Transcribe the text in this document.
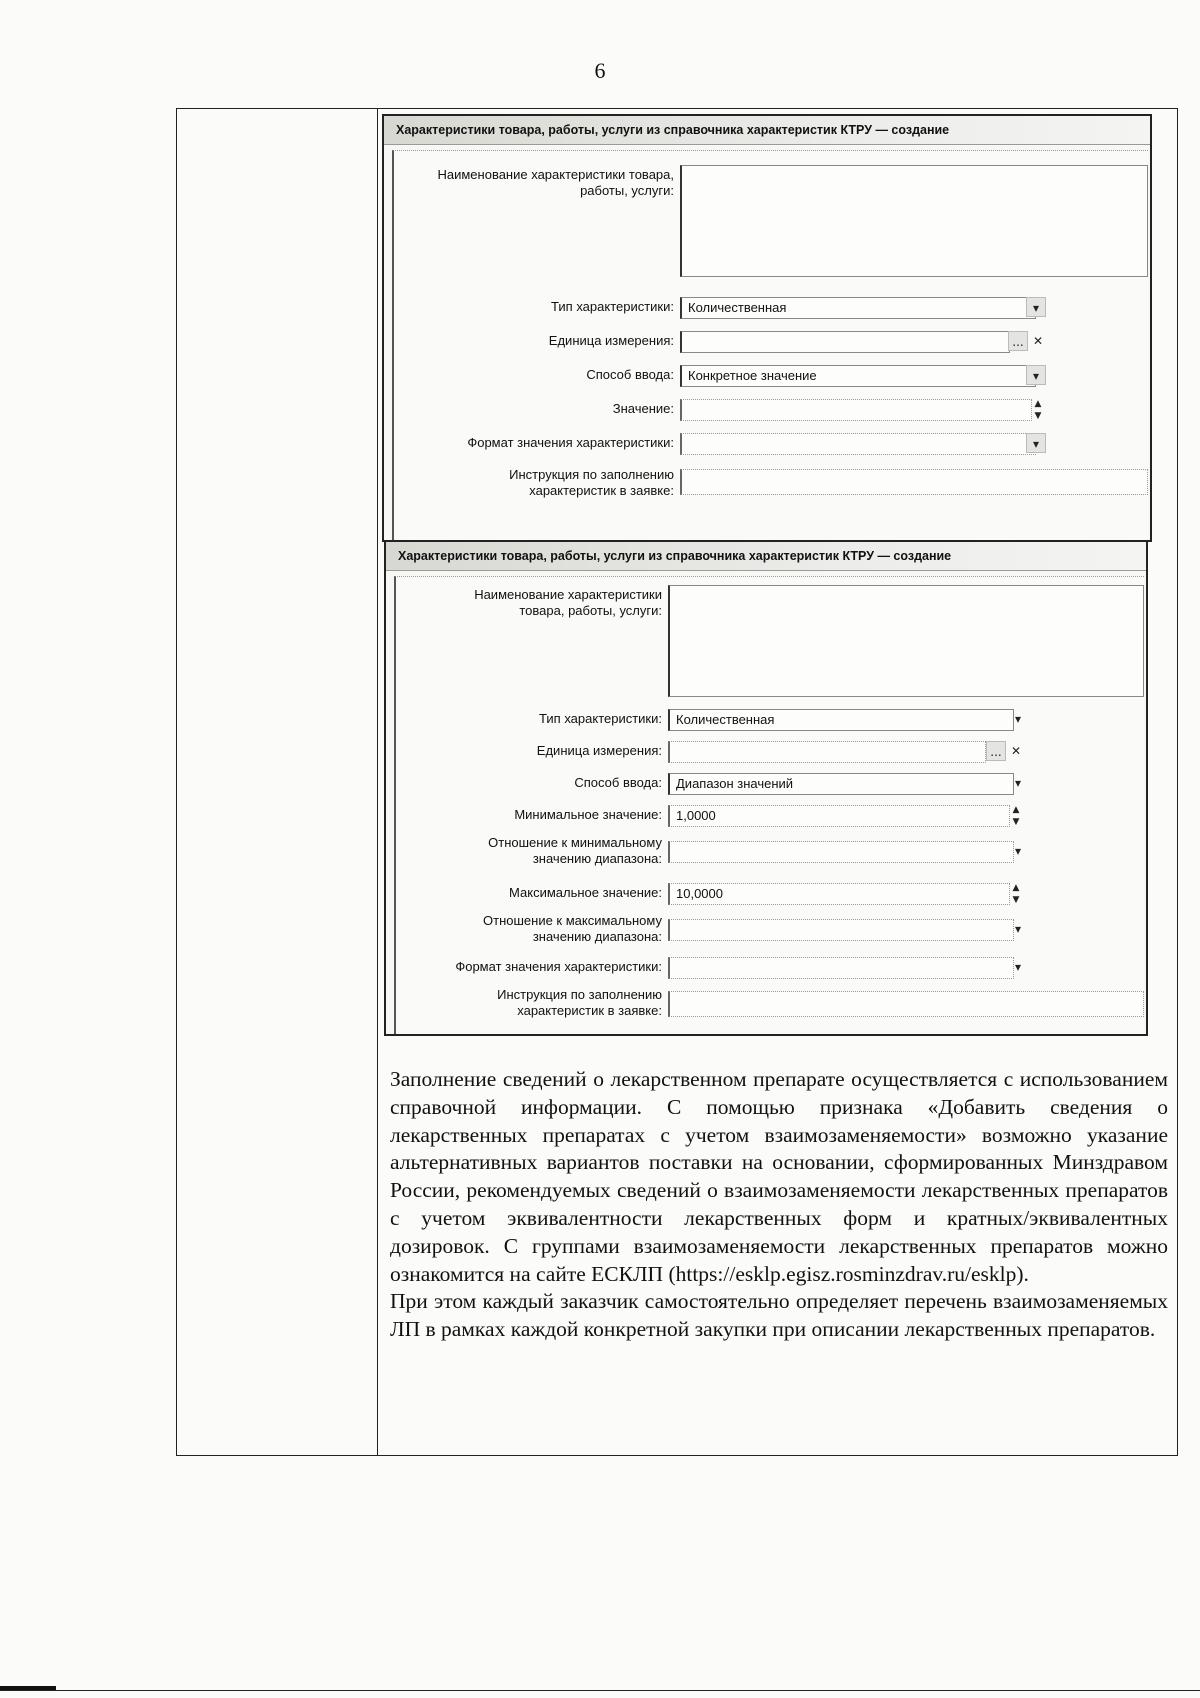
6
Характеристики товара, работы, услуги из справочника характеристик КТРУ — создание
Наименование характеристики товара, работы, услуги:
Тип характеристики:	Количественная	▾
Единица измерения:	... ✕
Способ ввода:	Конкретное значение	▾
Значение:	▲
▼
Формат значения характеристики:	▾
Инструкция по заполнению характеристик в заявке:
Характеристики товара, работы, услуги из справочника характеристик КТРУ — создание
Наименование характеристики товара, работы, услуги:
Тип характеристики:	Количественная	▾
Единица измерения:	... ✕
Способ ввода:	Диапазон значений	▾
Минимальное значение:	1,0000	▲
▼
Отношение к минимальному значению диапазона:	▾
Максимальное значение:	10,0000	▲
▼
Отношение к максимальному значению диапазона:	▾
Формат значения характеристики:	▾
Инструкция по заполнению характеристик в заявке:

Заполнение сведений о лекарственном препарате осуществляется с использованием справочной информации. С помощью признака «Добавить сведения о лекарственных препаратах с учетом взаимозаменяемости» возможно указание альтернативных вариантов поставки на основании, сформированных Минздравом России, рекомендуемых сведений о взаимозаменяемости лекарственных препаратов с учетом эквивалентности лекарственных форм и кратных/эквивалентных дозировок. С группами взаимозаменяемости лекарственных препаратов можно ознакомится на сайте ЕСКЛП (https://esklp.egisz.rosminzdrav.ru/esklp).

При этом каждый заказчик самостоятельно определяет перечень взаимозаменяемых ЛП в рамках каждой конкретной закупки при описании лекарственных препаратов.
